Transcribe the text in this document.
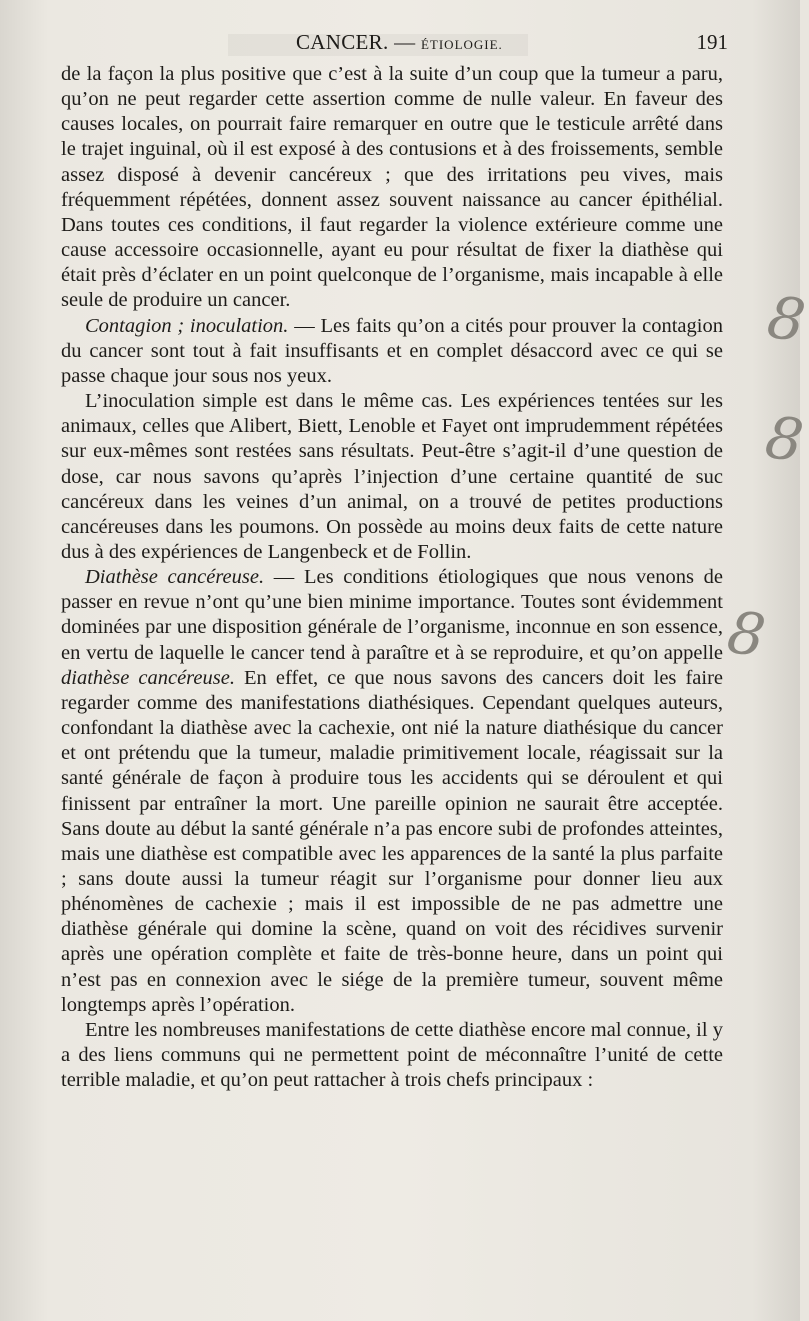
CANCER. — ÉTIOLOGIE.	191

de la façon la plus positive que c’est à la suite d’un coup que la tumeur a paru, qu’on ne peut regarder cette assertion comme de nulle valeur. En faveur des causes locales, on pourrait faire remarquer en outre que le testicule arrêté dans le trajet inguinal, où il est exposé à des contusions et à des froissements, semble assez disposé à devenir cancéreux ; que des irritations peu vives, mais fréquemment répétées, donnent assez souvent naissance au cancer épithélial. Dans toutes ces conditions, il faut regarder la violence extérieure comme une cause accessoire occasionnelle, ayant eu pour résultat de fixer la diathèse qui était près d’éclater en un point quelconque de l’organisme, mais incapable à elle seule de produire un cancer.

Contagion ; inoculation. — Les faits qu’on a cités pour prouver la contagion du cancer sont tout à fait insuffisants et en complet désaccord avec ce qui se passe chaque jour sous nos yeux.

L’inoculation simple est dans le même cas. Les expériences tentées sur les animaux, celles que Alibert, Biett, Lenoble et Fayet ont imprudemment répétées sur eux-mêmes sont restées sans résultats. Peut-être s’agit-il d’une question de dose, car nous savons qu’après l’injection d’une certaine quantité de suc cancéreux dans les veines d’un animal, on a trouvé de petites productions cancéreuses dans les poumons. On possède au moins deux faits de cette nature dus à des expériences de Langenbeck et de Follin.

Diathèse cancéreuse. — Les conditions étiologiques que nous venons de passer en revue n’ont qu’une bien minime importance. Toutes sont évidemment dominées par une disposition générale de l’organisme, inconnue en son essence, en vertu de laquelle le cancer tend à paraître et à se reproduire, et qu’on appelle diathèse cancéreuse. En effet, ce que nous savons des cancers doit les faire regarder comme des manifestations diathésiques. Cependant quelques auteurs, confondant la diathèse avec la cachexie, ont nié la nature diathésique du cancer et ont prétendu que la tumeur, maladie primitivement locale, réagissait sur la santé générale de façon à produire tous les accidents qui se déroulent et qui finissent par entraîner la mort. Une pareille opinion ne saurait être acceptée. Sans doute au début la santé générale n’a pas encore subi de profondes atteintes, mais une diathèse est compatible avec les apparences de la santé la plus parfaite ; sans doute aussi la tumeur réagit sur l’organisme pour donner lieu aux phénomènes de cachexie ; mais il est impossible de ne pas admettre une diathèse générale qui domine la scène, quand on voit des récidives survenir après une opération complète et faite de très-bonne heure, dans un point qui n’est pas en connexion avec le siége de la première tumeur, souvent même longtemps après l’opération.

Entre les nombreuses manifestations de cette diathèse encore mal connue, il y a des liens communs qui ne permettent point de méconnaître l’unité de cette terrible maladie, et qu’on peut rattacher à trois chefs principaux :

8
8
8
